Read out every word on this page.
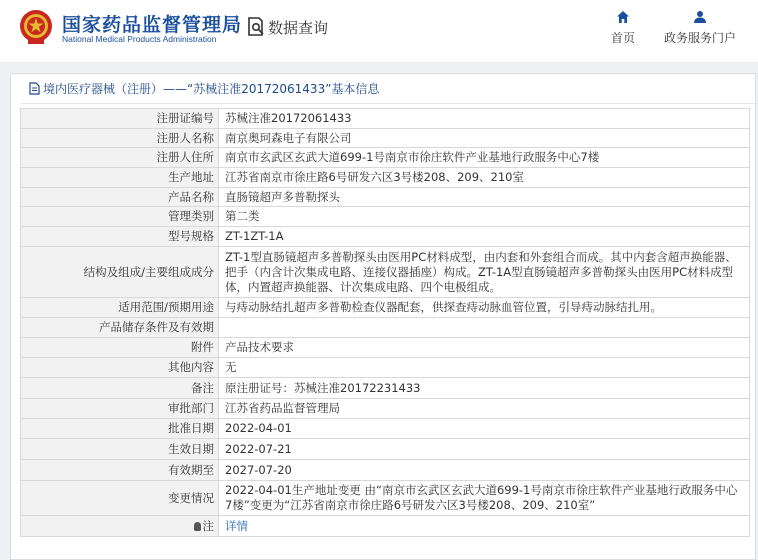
国家药品监督管理局
National Medical Products Administration
数据查询
首页 政务服务门户
境内医疗器械（注册）——“苏械注准20172061433”基本信息
注册证编号	苏械注准20172061433
注册人名称	南京奥珂森电子有限公司
注册人住所	南京市玄武区玄武大道699-1号南京市徐庄软件产业基地行政服务中心7楼
生产地址	江苏省南京市徐庄路6号研发六区3号楼208、209、210室
产品名称	直肠镜超声多普勒探头
管理类别	第二类
型号规格	ZT-1ZT-1A
结构及组成/主要组成成分	ZT-1型直肠镜超声多普勒探头由医用PC材料成型，由内套和外套组合而成。其中内套含超声换能器、把手（内含计次集成电路、连接仪器插座）构成。ZT-1A型直肠镜超声多普勒探头由医用PC材料成型体，内置超声换能器、计次集成电路、四个电极组成。
适用范围/预期用途	与痔动脉结扎超声多普勒检查仪器配套，供探查痔动脉血管位置，引导痔动脉结扎用。
产品储存条件及有效期	
附件	产品技术要求
其他内容	无
备注	原注册证号：苏械注准20172231433
审批部门	江苏省药品监督管理局
批准日期	2022-04-01
生效日期	2022-07-21
有效期至	2027-07-20
变更情况	2022-04-01生产地址变更 由“南京市玄武区玄武大道699-1号南京市徐庄软件产业基地行政服务中心7楼”变更为“江苏省南京市徐庄路6号研发六区3号楼208、209、210室”
注	详情
